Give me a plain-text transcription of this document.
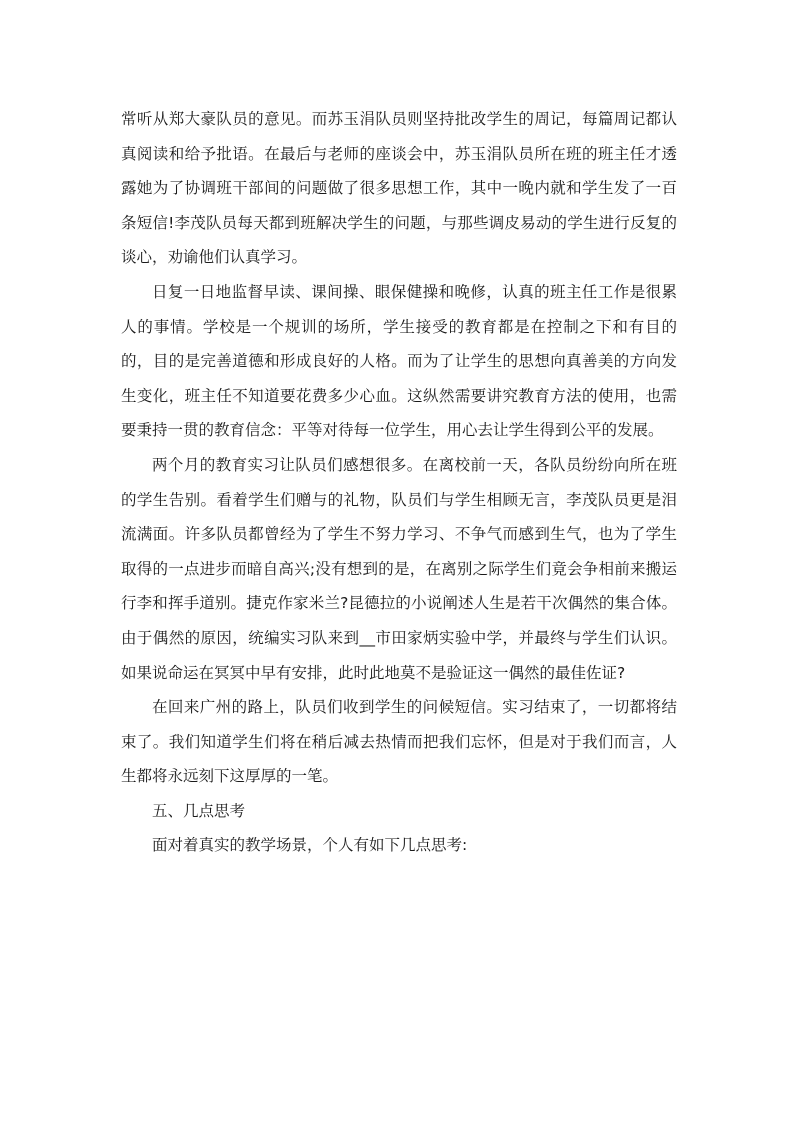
常听从郑大豪队员的意见。而苏玉涓队员则坚持批改学生的周记，每篇周记都认真阅读和给予批语。在最后与老师的座谈会中，苏玉涓队员所在班的班主任才透露她为了协调班干部间的问题做了很多思想工作，其中一晚内就和学生发了一百条短信!李茂队员每天都到班解决学生的问题，与那些调皮易动的学生进行反复的谈心，劝谕他们认真学习。

日复一日地监督早读、课间操、眼保健操和晚修，认真的班主任工作是很累人的事情。学校是一个规训的场所，学生接受的教育都是在控制之下和有目的的，目的是完善道德和形成良好的人格。而为了让学生的思想向真善美的方向发生变化，班主任不知道要花费多少心血。这纵然需要讲究教育方法的使用，也需要秉持一贯的教育信念：平等对待每一位学生，用心去让学生得到公平的发展。

两个月的教育实习让队员们感想很多。在离校前一天，各队员纷纷向所在班的学生告别。看着学生们赠与的礼物，队员们与学生相顾无言，李茂队员更是泪流满面。许多队员都曾经为了学生不努力学习、不争气而感到生气，也为了学生取得的一点进步而暗自高兴;没有想到的是，在离别之际学生们竟会争相前来搬运行李和挥手道别。捷克作家米兰?昆德拉的小说阐述人生是若干次偶然的集合体。由于偶然的原因，统编实习队来到__市田家炳实验中学，并最终与学生们认识。如果说命运在冥冥中早有安排，此时此地莫不是验证这一偶然的最佳佐证?

在回来广州的路上，队员们收到学生的问候短信。实习结束了，一切都将结束了。我们知道学生们将在稍后减去热情而把我们忘怀，但是对于我们而言，人生都将永远刻下这厚厚的一笔。

五、几点思考

面对着真实的教学场景，个人有如下几点思考:
